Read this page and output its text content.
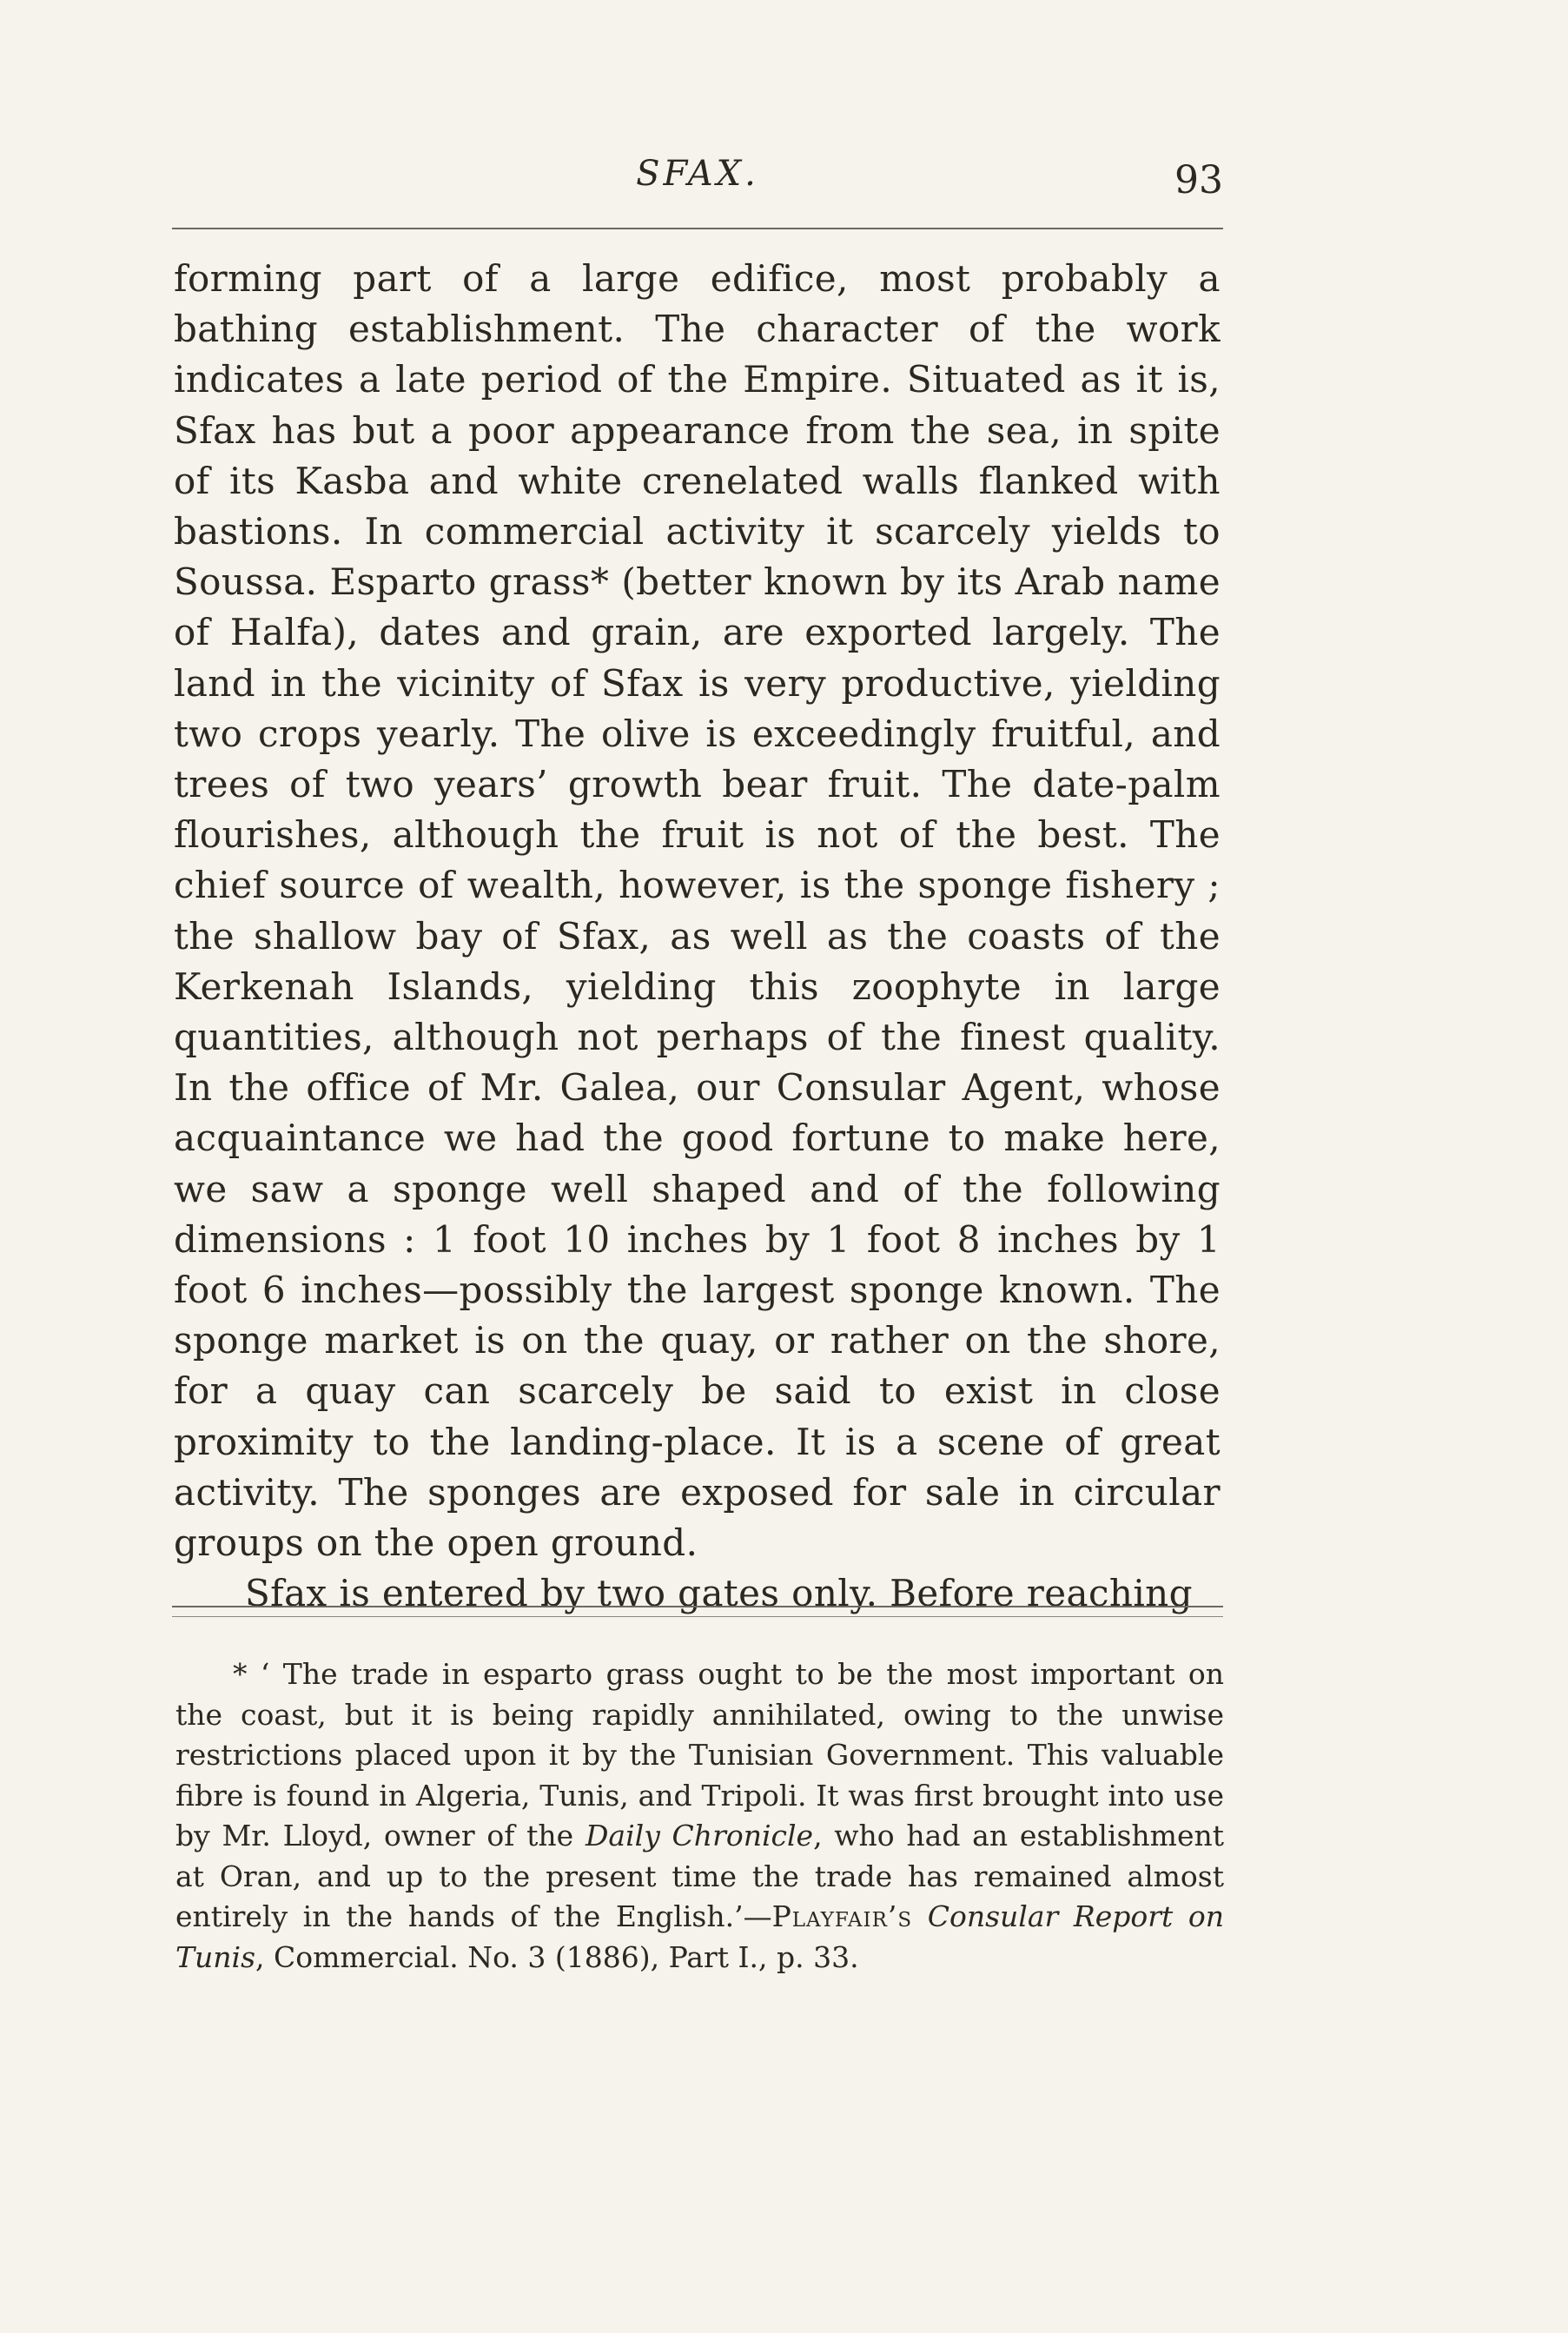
SFAX.	93

forming part of a large edifice, most probably a bathing establishment. The character of the work indicates a late period of the Empire. Situated as it is, Sfax has but a poor appearance from the sea, in spite of its Kasba and white crenelated walls flanked with bastions. In commercial activity it scarcely yields to Soussa. Esparto grass* (better known by its Arab name of Halfa), dates and grain, are exported largely. The land in the vicinity of Sfax is very productive, yielding two crops yearly. The olive is exceedingly fruitful, and trees of two years’ growth bear fruit. The date-palm flourishes, although the fruit is not of the best. The chief source of wealth, however, is the sponge fishery ; the shallow bay of Sfax, as well as the coasts of the Kerkenah Islands, yielding this zoophyte in large quantities, although not perhaps of the finest quality. In the office of Mr. Galea, our Consular Agent, whose acquaintance we had the good fortune to make here, we saw a sponge well shaped and of the following dimensions : 1 foot 10 inches by 1 foot 8 inches by 1 foot 6 inches—possibly the largest sponge known. The sponge market is on the quay, or rather on the shore, for a quay can scarcely be said to exist in close proximity to the landing-place. It is a scene of great activity. The sponges are exposed for sale in circular groups on the open ground.

Sfax is entered by two gates only. Before reaching

* ‘ The trade in esparto grass ought to be the most important on the coast, but it is being rapidly annihilated, owing to the unwise restrictions placed upon it by the Tunisian Government. This valuable fibre is found in Algeria, Tunis, and Tripoli. It was first brought into use by Mr. Lloyd, owner of the Daily Chronicle, who had an establishment at Oran, and up to the present time the trade has remained almost entirely in the hands of the English.’—Playfair’s Consular Report on Tunis, Commercial. No. 3 (1886), Part I., p. 33.
